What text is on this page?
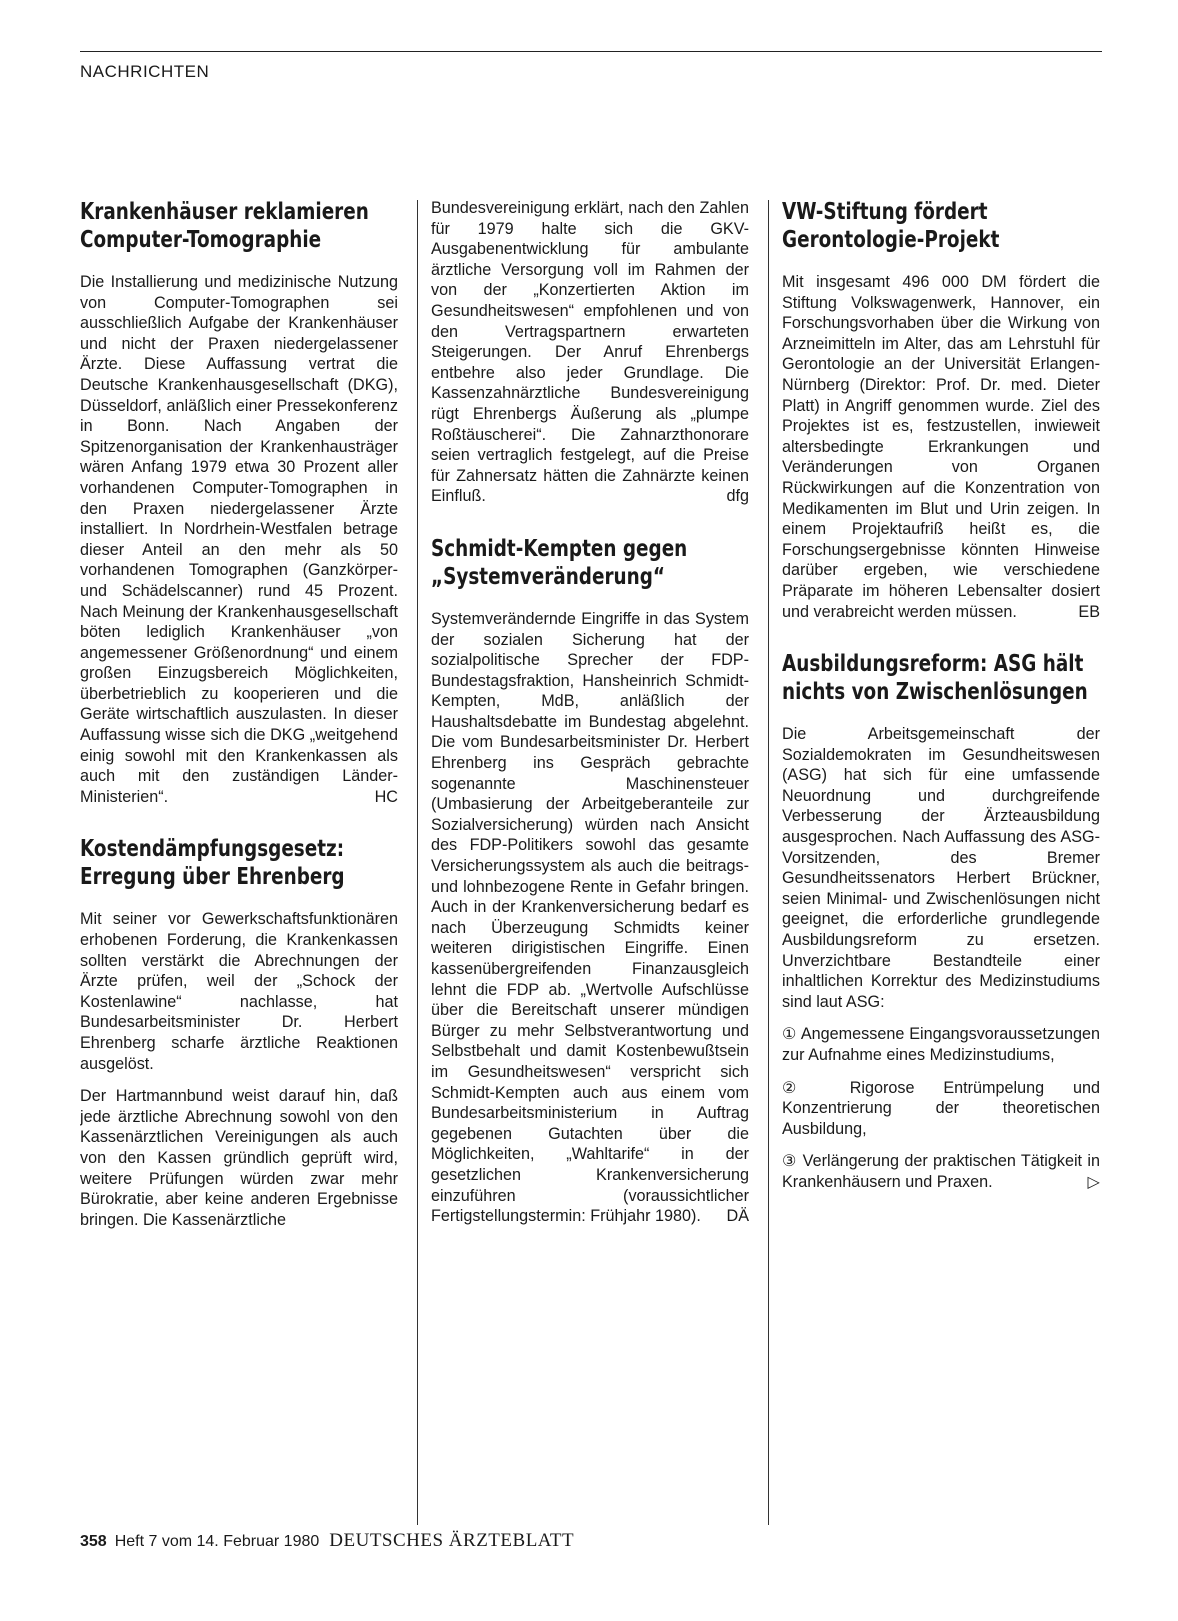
NACHRICHTEN
Krankenhäuser reklamieren Computer-Tomographie

Die Installierung und medizinische Nutzung von Computer-Tomographen sei ausschließlich Aufgabe der Krankenhäuser und nicht der Praxen niedergelassener Ärzte. Diese Auffassung vertrat die Deutsche Krankenhausgesellschaft (DKG), Düsseldorf, anläßlich einer Pressekonferenz in Bonn. Nach Angaben der Spitzenorganisation der Krankenhausträger wären Anfang 1979 etwa 30 Prozent aller vorhandenen Computer-Tomographen in den Praxen niedergelassener Ärzte installiert. In Nordrhein-Westfalen betrage dieser Anteil an den mehr als 50 vorhandenen Tomographen (Ganzkörper- und Schädelscanner) rund 45 Prozent. Nach Meinung der Krankenhausgesellschaft böten lediglich Krankenhäuser „von angemessener Größenordnung“ und einem großen Einzugsbereich Möglichkeiten, überbetrieblich zu kooperieren und die Geräte wirtschaftlich auszulasten. In dieser Auffassung wisse sich die DKG „weitgehend einig sowohl mit den Krankenkassen als auch mit den zuständigen Länder-Ministerien“.	HC

Kostendämpfungsgesetz: Erregung über Ehrenberg

Mit seiner vor Gewerkschaftsfunktionären erhobenen Forderung, die Krankenkassen sollten verstärkt die Abrechnungen der Ärzte prüfen, weil der „Schock der Kostenlawine“ nachlasse, hat Bundesarbeitsminister Dr. Herbert Ehrenberg scharfe ärztliche Reaktionen ausgelöst.

Der Hartmannbund weist darauf hin, daß jede ärztliche Abrechnung sowohl von den Kassenärztlichen Vereinigungen als auch von den Kassen gründlich geprüft wird, weitere Prüfungen würden zwar mehr Bürokratie, aber keine anderen Ergebnisse bringen. Die Kassenärztliche

Bundesvereinigung erklärt, nach den Zahlen für 1979 halte sich die GKV-Ausgabenentwicklung für ambulante ärztliche Versorgung voll im Rahmen der von der „Konzertierten Aktion im Gesundheitswesen“ empfohlenen und von den Vertragspartnern erwarteten Steigerungen. Der Anruf Ehrenbergs entbehre also jeder Grundlage. Die Kassenzahnärztliche Bundesvereinigung rügt Ehrenbergs Äußerung als „plumpe Roßtäuscherei“. Die Zahnarzthonorare seien vertraglich festgelegt, auf die Preise für Zahnersatz hätten die Zahnärzte keinen Einfluß.	dfg

Schmidt-Kempten gegen „Systemveränderung“

Systemverändernde Eingriffe in das System der sozialen Sicherung hat der sozialpolitische Sprecher der FDP-Bundestagsfraktion, Hansheinrich Schmidt-Kempten, MdB, anläßlich der Haushaltsdebatte im Bundestag abgelehnt. Die vom Bundesarbeitsminister Dr. Herbert Ehrenberg ins Gespräch gebrachte sogenannte Maschinensteuer (Umbasierung der Arbeitgeberanteile zur Sozialversicherung) würden nach Ansicht des FDP-Politikers sowohl das gesamte Versicherungssystem als auch die beitrags- und lohnbezogene Rente in Gefahr bringen. Auch in der Krankenversicherung bedarf es nach Überzeugung Schmidts keiner weiteren dirigistischen Eingriffe. Einen kassenübergreifenden Finanzausgleich lehnt die FDP ab. „Wertvolle Aufschlüsse über die Bereitschaft unserer mündigen Bürger zu mehr Selbstverantwortung und Selbstbehalt und damit Kostenbewußtsein im Gesundheitswesen“ verspricht sich Schmidt-Kempten auch aus einem vom Bundesarbeitsministerium in Auftrag gegebenen Gutachten über die Möglichkeiten, „Wahltarife“ in der gesetzlichen Krankenversicherung einzuführen (voraussichtlicher Fertigstellungstermin: Frühjahr 1980). DÄ

VW-Stiftung fördert Gerontologie-Projekt

Mit insgesamt 496 000 DM fördert die Stiftung Volkswagenwerk, Hannover, ein Forschungsvorhaben über die Wirkung von Arzneimitteln im Alter, das am Lehrstuhl für Gerontologie an der Universität Erlangen-Nürnberg (Direktor: Prof. Dr. med. Dieter Platt) in Angriff genommen wurde. Ziel des Projektes ist es, festzustellen, inwieweit altersbedingte Erkrankungen und Veränderungen von Organen Rückwirkungen auf die Konzentration von Medikamenten im Blut und Urin zeigen. In einem Projektaufriß heißt es, die Forschungsergebnisse könnten Hinweise darüber ergeben, wie verschiedene Präparate im höheren Lebensalter dosiert und verabreicht werden müssen.	EB

Ausbildungsreform: ASG hält nichts von Zwischenlösungen

Die Arbeitsgemeinschaft der Sozialdemokraten im Gesundheitswesen (ASG) hat sich für eine umfassende Neuordnung und durchgreifende Verbesserung der Ärzteausbildung ausgesprochen. Nach Auffassung des ASG-Vorsitzenden, des Bremer Gesundheitssenators Herbert Brückner, seien Minimal- und Zwischenlösungen nicht geeignet, die erforderliche grundlegende Ausbildungsreform zu ersetzen. Unverzichtbare Bestandteile einer inhaltlichen Korrektur des Medizinstudiums sind laut ASG:

① Angemessene Eingangsvoraussetzungen zur Aufnahme eines Medizinstudiums,

② Rigorose Entrümpelung und Konzentrierung der theoretischen Ausbildung,

③ Verlängerung der praktischen Tätigkeit in Krankenhäusern und Praxen.	▷

358 Heft 7 vom 14. Februar 1980 DEUTSCHES ÄRZTEBLATT
